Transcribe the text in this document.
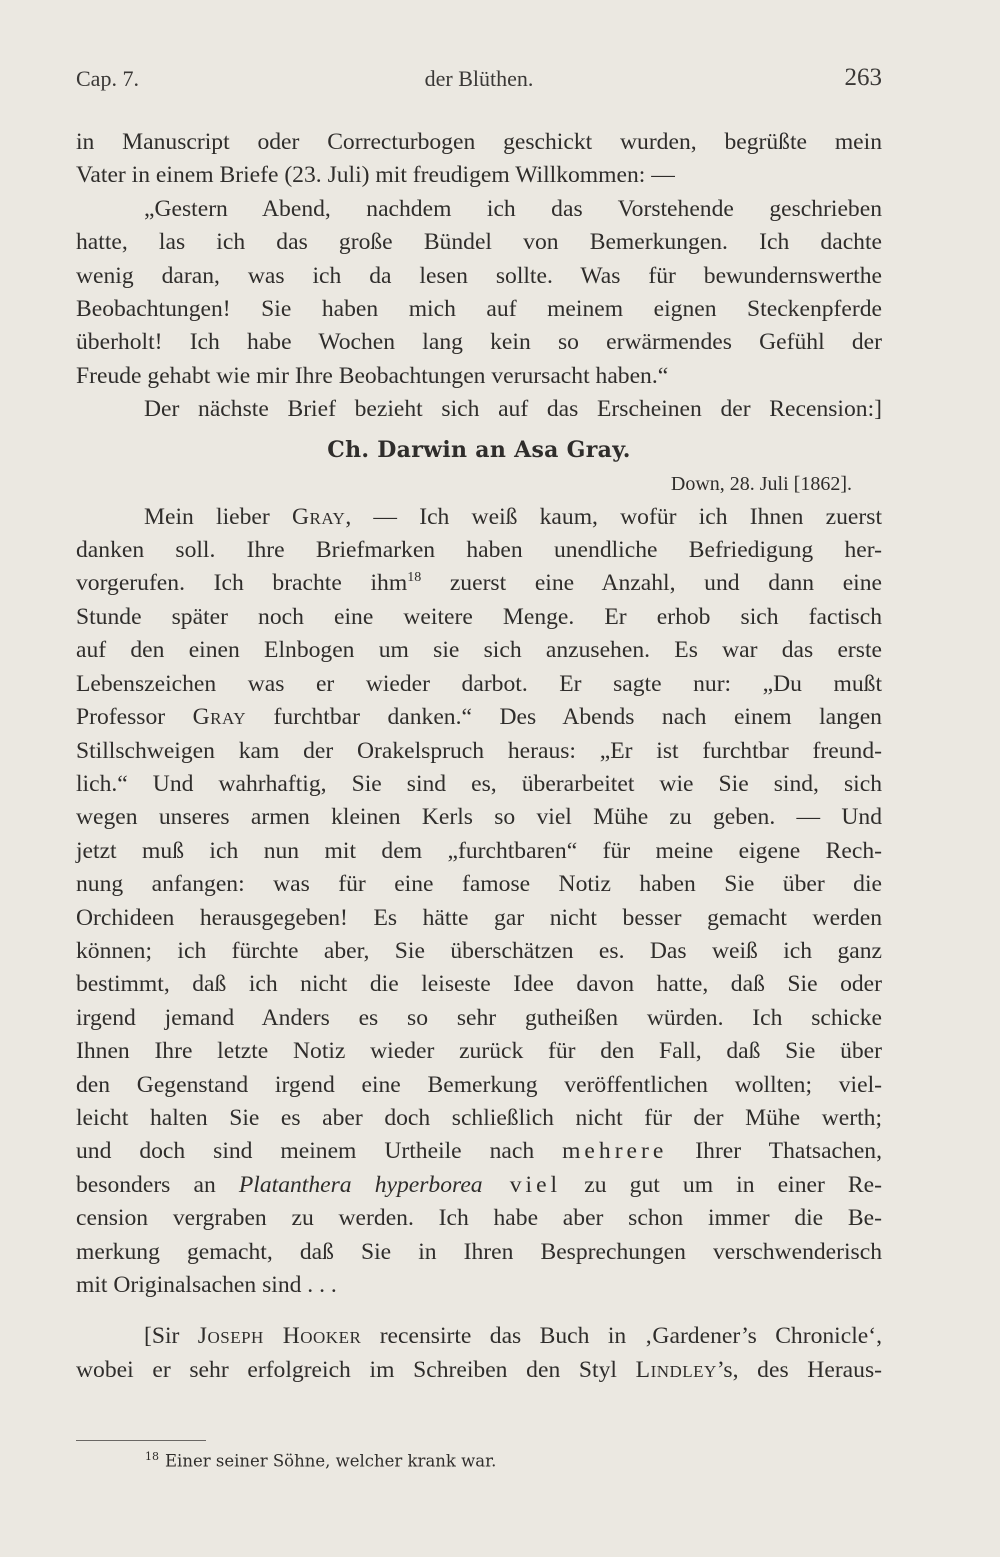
Cap. 7.	der Blüthen.	263
in Manuscript oder Correcturbogen geschickt wurden, begrüßte mein
Vater in einem Briefe (23. Juli) mit freudigem Willkommen: —
„Gestern Abend, nachdem ich das Vorstehende geschrieben
hatte, las ich das große Bündel von Bemerkungen. Ich dachte
wenig daran, was ich da lesen sollte. Was für bewundernswerthe
Beobachtungen! Sie haben mich auf meinem eignen Steckenpferde
überholt! Ich habe Wochen lang kein so erwärmendes Gefühl der
Freude gehabt wie mir Ihre Beobachtungen verursacht haben.“
Der nächste Brief bezieht sich auf das Erscheinen der Recension:]
Ch. Darwin an Asa Gray.
Down, 28. Juli [1862].
Mein lieber Gray, — Ich weiß kaum, wofür ich Ihnen zuerst
danken soll. Ihre Briefmarken haben unendliche Befriedigung her-
vorgerufen. Ich brachte ihm$^{18}$ zuerst eine Anzahl, und dann eine
Stunde später noch eine weitere Menge. Er erhob sich factisch
auf den einen Elnbogen um sie sich anzusehen. Es war das erste
Lebenszeichen was er wieder darbot. Er sagte nur: „Du mußt
Professor Gray furchtbar danken.“ Des Abends nach einem langen
Stillschweigen kam der Orakelspruch heraus: „Er ist furchtbar freund-
lich.“ Und wahrhaftig, Sie sind es, überarbeitet wie Sie sind, sich
wegen unseres armen kleinen Kerls so viel Mühe zu geben. — Und
jetzt muß ich nun mit dem „furchtbaren“ für meine eigene Rech-
nung anfangen: was für eine famose Notiz haben Sie über die
Orchideen herausgegeben! Es hätte gar nicht besser gemacht werden
können; ich fürchte aber, Sie überschätzen es. Das weiß ich ganz
bestimmt, daß ich nicht die leiseste Idee davon hatte, daß Sie oder
irgend jemand Anders es so sehr gutheißen würden. Ich schicke
Ihnen Ihre letzte Notiz wieder zurück für den Fall, daß Sie über
den Gegenstand irgend eine Bemerkung veröffentlichen wollten; viel-
leicht halten Sie es aber doch schließlich nicht für der Mühe werth;
und doch sind meinem Urtheile nach mehrere Ihrer Thatsachen,
besonders an Platanthera hyperborea viel zu gut um in einer Re-
cension vergraben zu werden. Ich habe aber schon immer die Be-
merkung gemacht, daß Sie in Ihren Besprechungen verschwenderisch
mit Originalsachen sind . . .
[Sir Joseph Hooker recensirte das Buch in ‚Gardener’s Chronicle‘,
wobei er sehr erfolgreich im Schreiben den Styl Lindley’s, des Heraus-
$^{18}$ Einer seiner Söhne, welcher krank war.
